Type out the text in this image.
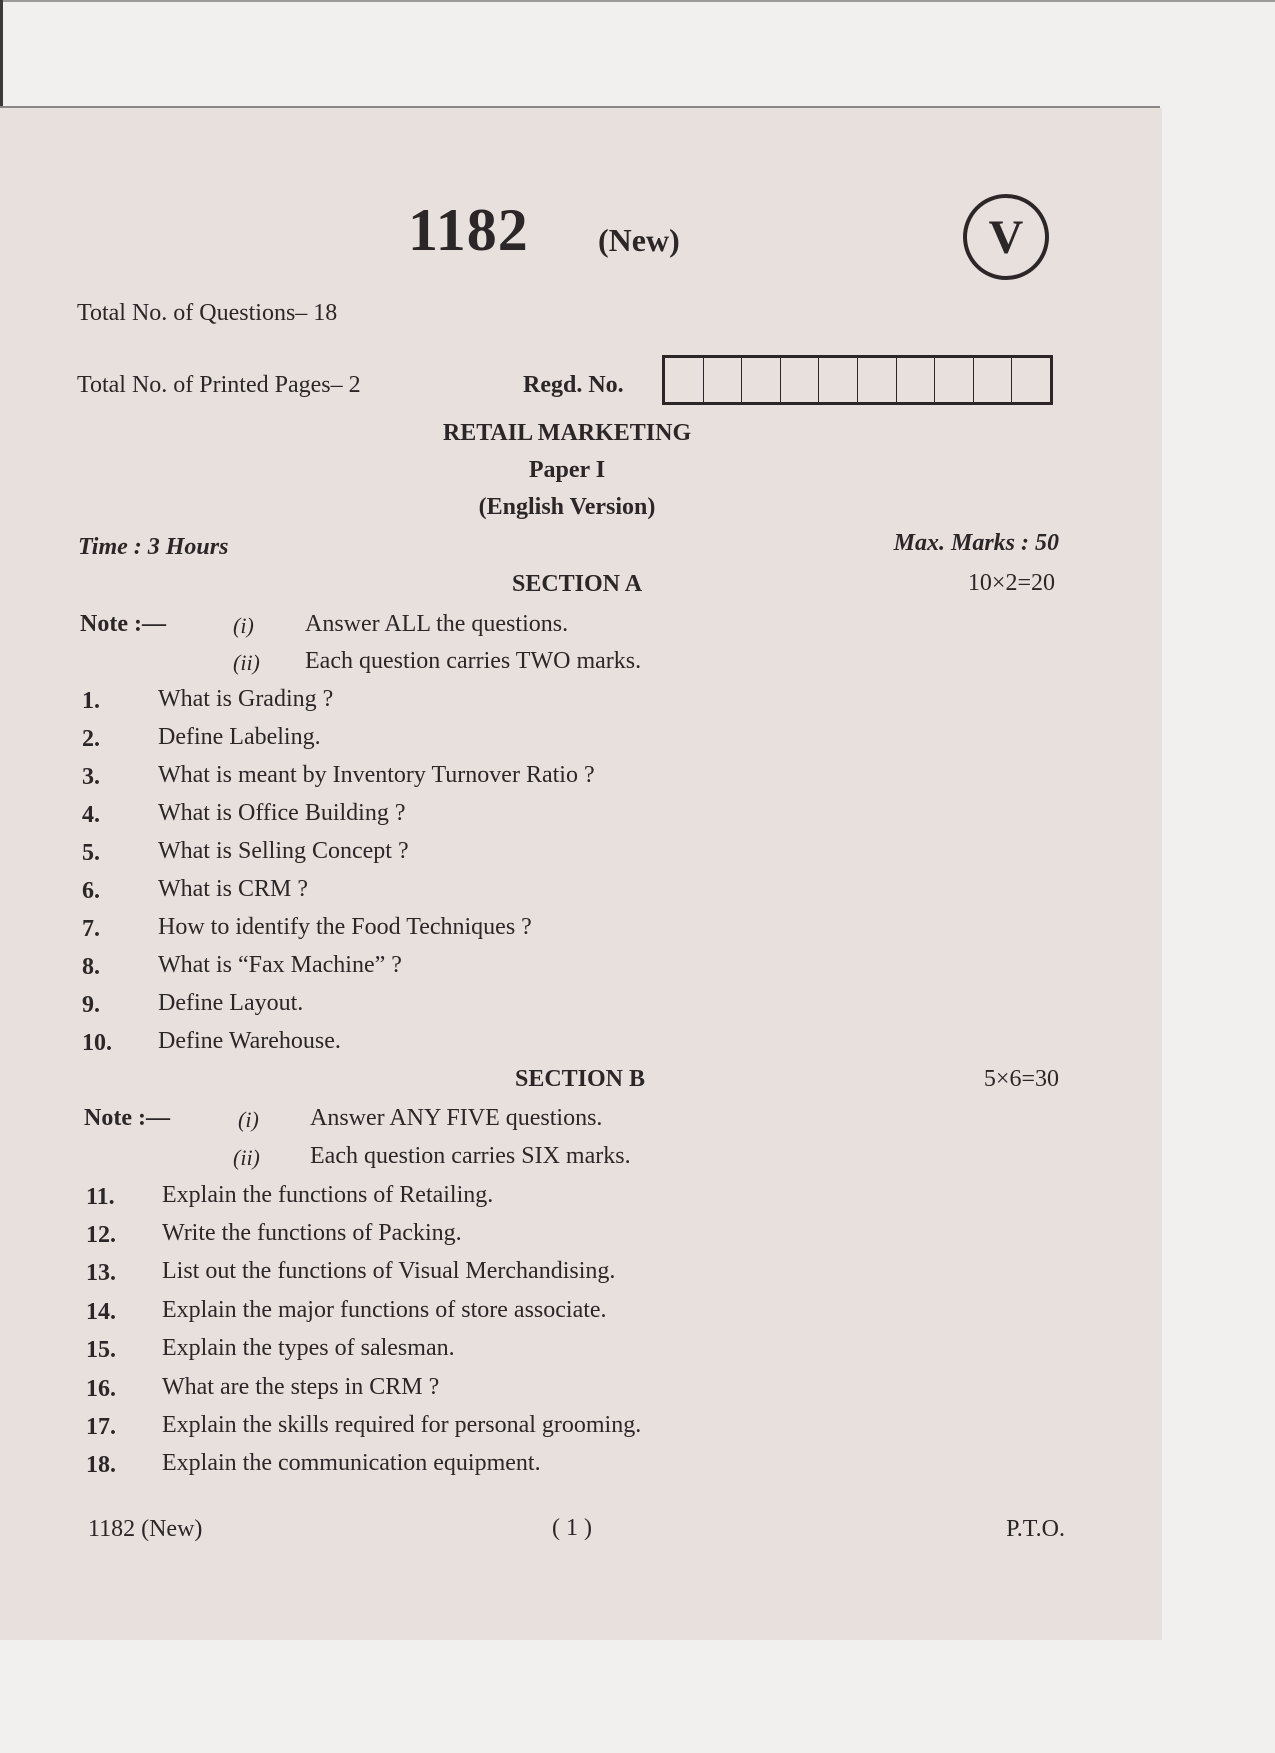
1182 (New)	V
Total No. of Questions– 18
Total No. of Printed Pages– 2	Regd. No.
RETAIL MARKETING
Paper I
(English Version)
Time : 3 Hours	Max. Marks : 50
SECTION A	10×2=20
Note :—	(i) Answer ALL the questions.
(ii) Each question carries TWO marks.
1. What is Grading ?
2. Define Labeling.
3. What is meant by Inventory Turnover Ratio ?
4. What is Office Building ?
5. What is Selling Concept ?
6. What is CRM ?
7. How to identify the Food Techniques ?
8. What is “Fax Machine” ?
9. Define Layout.
10. Define Warehouse.
SECTION B	5×6=30
Note :—	(i) Answer ANY FIVE questions.
(ii) Each question carries SIX marks.
11. Explain the functions of Retailing.
12. Write the functions of Packing.
13. List out the functions of Visual Merchandising.
14. Explain the major functions of store associate.
15. Explain the types of salesman.
16. What are the steps in CRM ?
17. Explain the skills required for personal grooming.
18. Explain the communication equipment.
1182 (New)	( 1 )	P.T.O.
